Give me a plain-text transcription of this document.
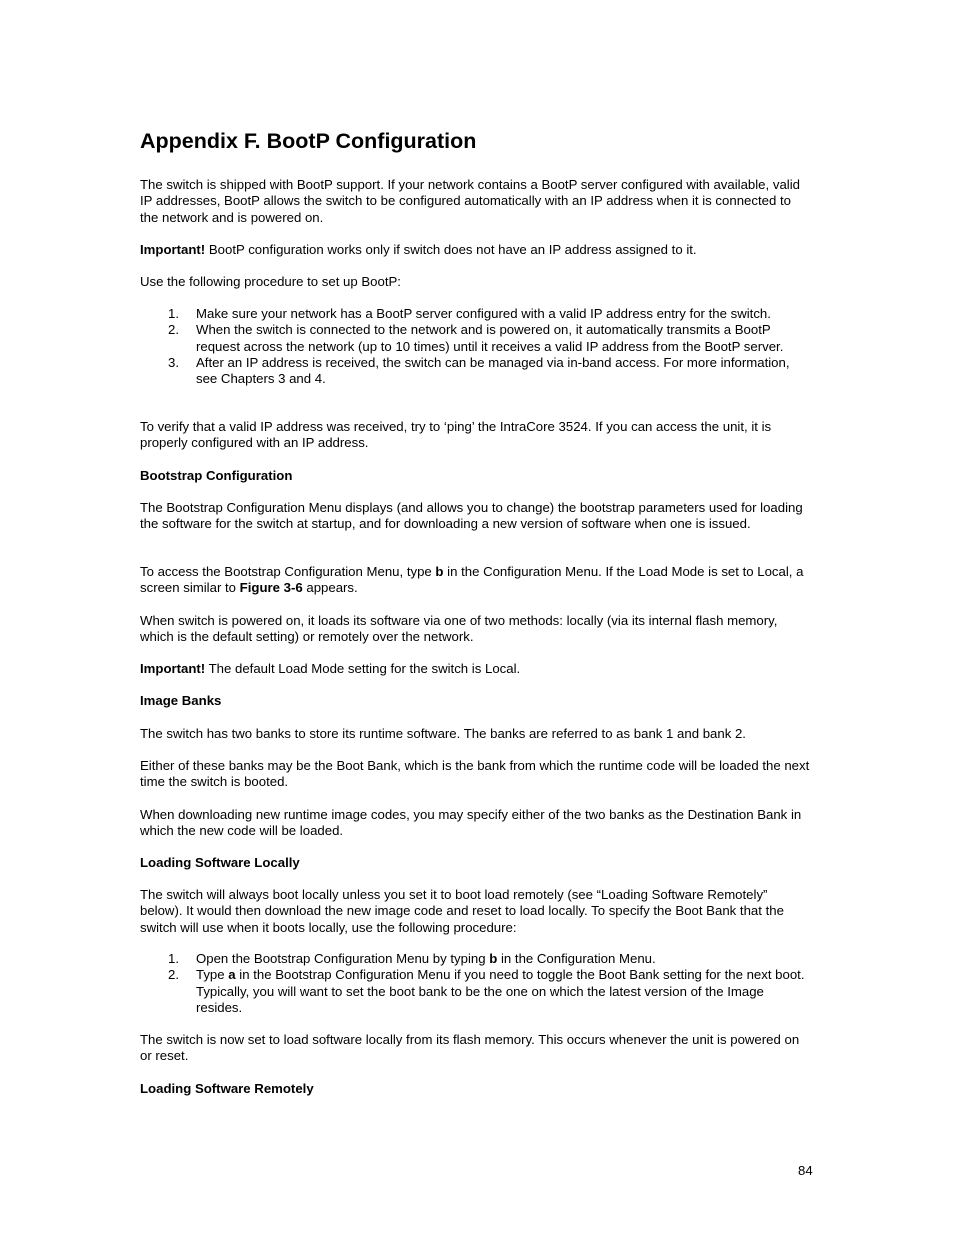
Appendix F. BootP Configuration

The switch is shipped with BootP support. If your network contains a BootP server configured with available, valid IP addresses, BootP allows the switch to be configured automatically with an IP address when it is connected to the network and is powered on.

Important! BootP configuration works only if switch does not have an IP address assigned to it.

Use the following procedure to set up BootP:

1. Make sure your network has a BootP server configured with a valid IP address entry for the switch.
2. When the switch is connected to the network and is powered on, it automatically transmits a BootP request across the network (up to 10 times) until it receives a valid IP address from the BootP server.
3. After an IP address is received, the switch can be managed via in-band access. For more information, see Chapters 3 and 4.

To verify that a valid IP address was received, try to ‘ping’ the IntraCore 3524. If you can access the unit, it is properly configured with an IP address.

Bootstrap Configuration

The Bootstrap Configuration Menu displays (and allows you to change) the bootstrap parameters used for loading the software for the switch at startup, and for downloading a new version of software when one is issued.

To access the Bootstrap Configuration Menu, type b in the Configuration Menu. If the Load Mode is set to Local, a screen similar to Figure 3-6 appears.

When switch is powered on, it loads its software via one of two methods: locally (via its internal flash memory, which is the default setting) or remotely over the network.

Important! The default Load Mode setting for the switch is Local.

Image Banks

The switch has two banks to store its runtime software. The banks are referred to as bank 1 and bank 2.

Either of these banks may be the Boot Bank, which is the bank from which the runtime code will be loaded the next time the switch is booted.

When downloading new runtime image codes, you may specify either of the two banks as the Destination Bank in which the new code will be loaded.

Loading Software Locally

The switch will always boot locally unless you set it to boot load remotely (see “Loading Software Remotely” below). It would then download the new image code and reset to load locally. To specify the Boot Bank that the switch will use when it boots locally, use the following procedure:

1. Open the Bootstrap Configuration Menu by typing b in the Configuration Menu.
2. Type a in the Bootstrap Configuration Menu if you need to toggle the Boot Bank setting for the next boot. Typically, you will want to set the boot bank to be the one on which the latest version of the Image resides.

The switch is now set to load software locally from its flash memory. This occurs whenever the unit is powered on or reset.

Loading Software Remotely

84
